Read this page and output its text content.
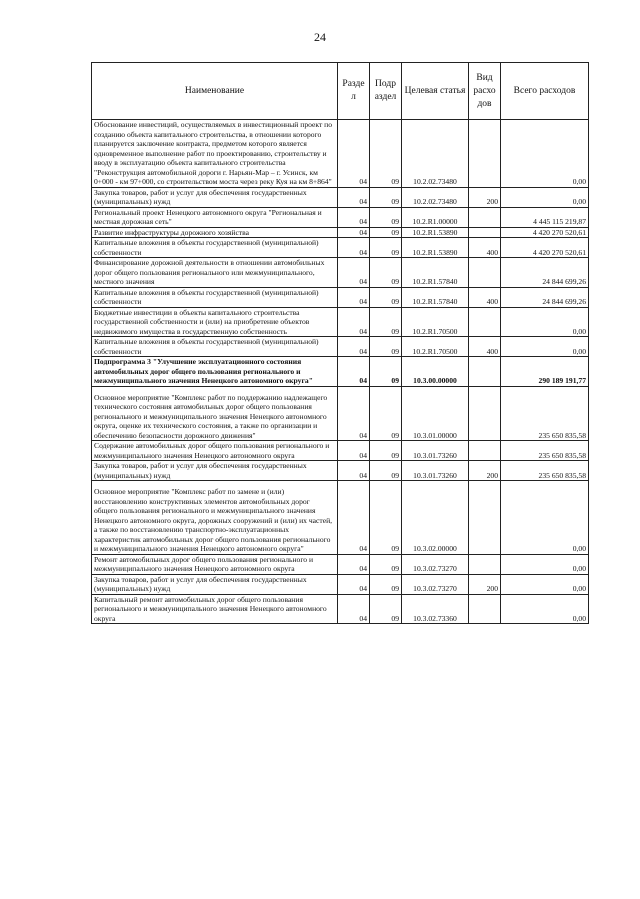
24
Наименование	Разде л	Подр аздел	Целевая статья	Вид расхо дов	Всего расходов
Обоснование инвестиций, осуществляемых в инвестиционный проект по созданию объекта капитального строительства, в отношении которого планируется заключение контракта, предметом которого является одновременное выполнение работ по проектированию, строительству и вводу в эксплуатацию объекта капитального строительства "Реконструкция автомобильной дороги г. Нарьян-Мар – г. Усинск, км 0+000 - км 97+000, со строительством моста через реку Куя на км 8+864"	04	09	10.2.02.73480		0,00
Закупка товаров, работ и услуг для обеспечения государственных (муниципальных) нужд	04	09	10.2.02.73480	200	0,00
Региональный проект Ненецкого автономного округа "Региональная и местная дорожная сеть"	04	09	10.2.R1.00000		4 445 115 219,87
Развитие инфраструктуры дорожного хозяйства	04	09	10.2.R1.53890		4 420 270 520,61
Капитальные вложения в объекты государственной (муниципальной) собственности	04	09	10.2.R1.53890	400	4 420 270 520,61
Финансирование дорожной деятельности в отношении автомобильных дорог общего пользования регионального или межмуниципального, местного значения	04	09	10.2.R1.57840		24 844 699,26
Капитальные вложения в объекты государственной (муниципальной) собственности	04	09	10.2.R1.57840	400	24 844 699,26
Бюджетные инвестиции в объекты капитального строительства государственной собственности и (или) на приобретение объектов недвижимого имущества в государственную собственность	04	09	10.2.R1.70500		0,00
Капитальные вложения в объекты государственной (муниципальной) собственности	04	09	10.2.R1.70500	400	0,00
Подпрограмма 3 "Улучшение эксплуатационного состояния автомобильных дорог общего пользования регионального и межмуниципального значения Ненецкого автономного округа"	04	09	10.3.00.00000		290 189 191,77
Основное мероприятие "Комплекс работ по поддержанию надлежащего технического состояния автомобильных дорог общего пользования регионального и межмуниципального значения Ненецкого автономного округа, оценке их технического состояния, а также по организации и обеспечению безопасности дорожного движения"	04	09	10.3.01.00000		235 650 835,58
Содержание автомобильных дорог общего пользования регионального и межмуниципального значения Ненецкого автономного округа	04	09	10.3.01.73260		235 650 835,58
Закупка товаров, работ и услуг для обеспечения государственных (муниципальных) нужд	04	09	10.3.01.73260	200	235 650 835,58
Основное мероприятие "Комплекс работ по замене и (или) восстановлению конструктивных элементов автомобильных дорог общего пользования регионального и межмуниципального значения Ненецкого автономного округа, дорожных сооружений и (или) их частей, а также по восстановлению транспортно-эксплуатационных характеристик автомобильных дорог общего пользования регионального и межмуниципального значения Ненецкого автономного округа"	04	09	10.3.02.00000		0,00
Ремонт автомобильных дорог общего пользования регионального и межмуниципального значения Ненецкого автономного округа	04	09	10.3.02.73270		0,00
Закупка товаров, работ и услуг для обеспечения государственных (муниципальных) нужд	04	09	10.3.02.73270	200	0,00
Капитальный ремонт автомобильных дорог общего пользования регионального и межмуниципального значения Ненецкого автономного округа	04	09	10.3.02.73360		0,00
